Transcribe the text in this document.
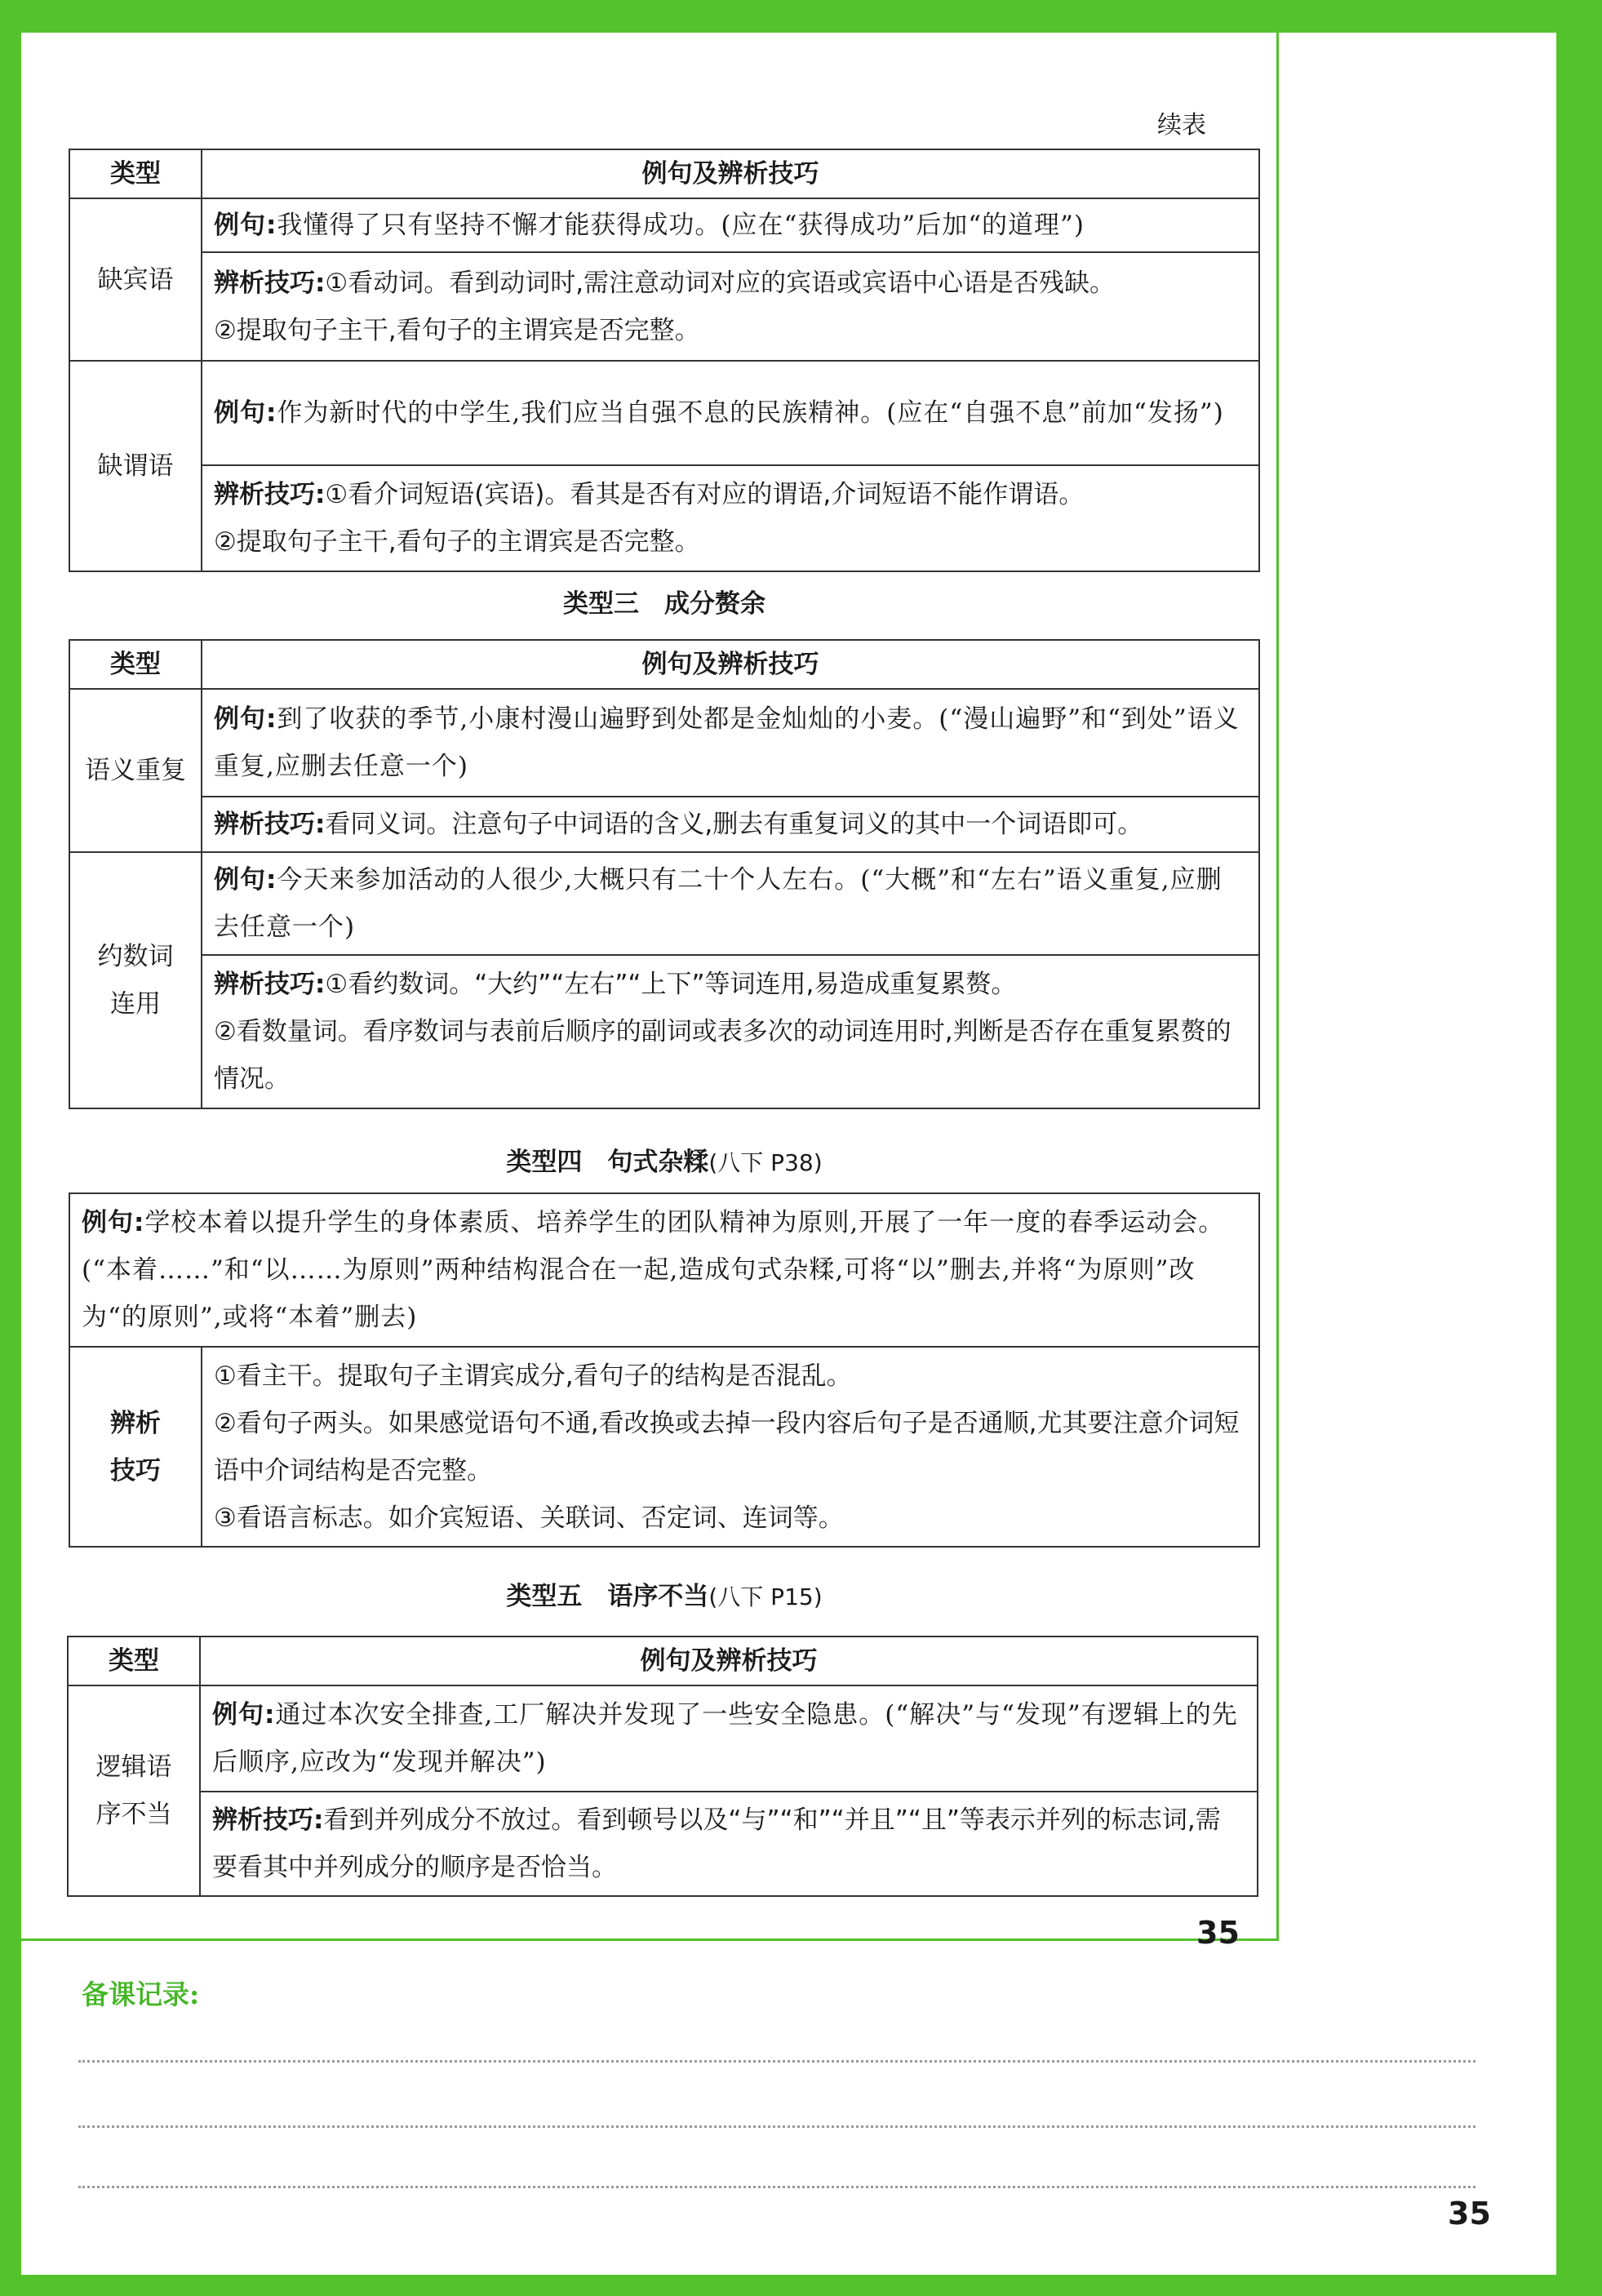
续表
类型	例句及辨析技巧
缺宾语	例句:我懂得了只有坚持不懈才能获得成功。(应在“获得成功”后加“的道理”)
	辨析技巧:①看动词。看到动词时,需注意动词对应的宾语或宾语中心语是否残缺。
②提取句子主干,看句子的主谓宾是否完整。
缺谓语	例句:作为新时代的中学生,我们应当自强不息的民族精神。(应在“自强不息”前加“发扬”)
	辨析技巧:①看介词短语(宾语)。看其是否有对应的谓语,介词短语不能作谓语。
②提取句子主干,看句子的主谓宾是否完整。
类型三　成分赘余
类型	例句及辨析技巧
语义重复	例句:到了收获的季节,小康村漫山遍野到处都是金灿灿的小麦。(“漫山遍野”和“到处”语义重复,应删去任意一个)
	辨析技巧:看同义词。注意句子中词语的含义,删去有重复词义的其中一个词语即可。
约数词
连用	例句:今天来参加活动的人很少,大概只有二十个人左右。(“大概”和“左右”语义重复,应删去任意一个)
	辨析技巧:①看约数词。“大约”“左右”“上下”等词连用,易造成重复累赘。
②看数量词。看序数词与表前后顺序的副词或表多次的动词连用时,判断是否存在重复累赘的情况。
类型四　句式杂糅(八下 P38)
例句:学校本着以提升学生的身体素质、培养学生的团队精神为原则,开展了一年一度的春季运动会。(“本着……”和“以……为原则”两种结构混合在一起,造成句式杂糅,可将“以”删去,并将“为原则”改为“的原则”,或将“本着”删去)
辨析
技巧	①看主干。提取句子主谓宾成分,看句子的结构是否混乱。
②看句子两头。如果感觉语句不通,看改换或去掉一段内容后句子是否通顺,尤其要注意介词短语中介词结构是否完整。
③看语言标志。如介宾短语、关联词、否定词、连词等。
类型五　语序不当(八下 P15)
类型	例句及辨析技巧
逻辑语
序不当	例句:通过本次安全排查,工厂解决并发现了一些安全隐患。(“解决”与“发现”有逻辑上的先后顺序,应改为“发现并解决”)
	辨析技巧:看到并列成分不放过。看到顿号以及“与”“和”“并且”“且”等表示并列的标志词,需要看其中并列成分的顺序是否恰当。
35
备课记录:
35
